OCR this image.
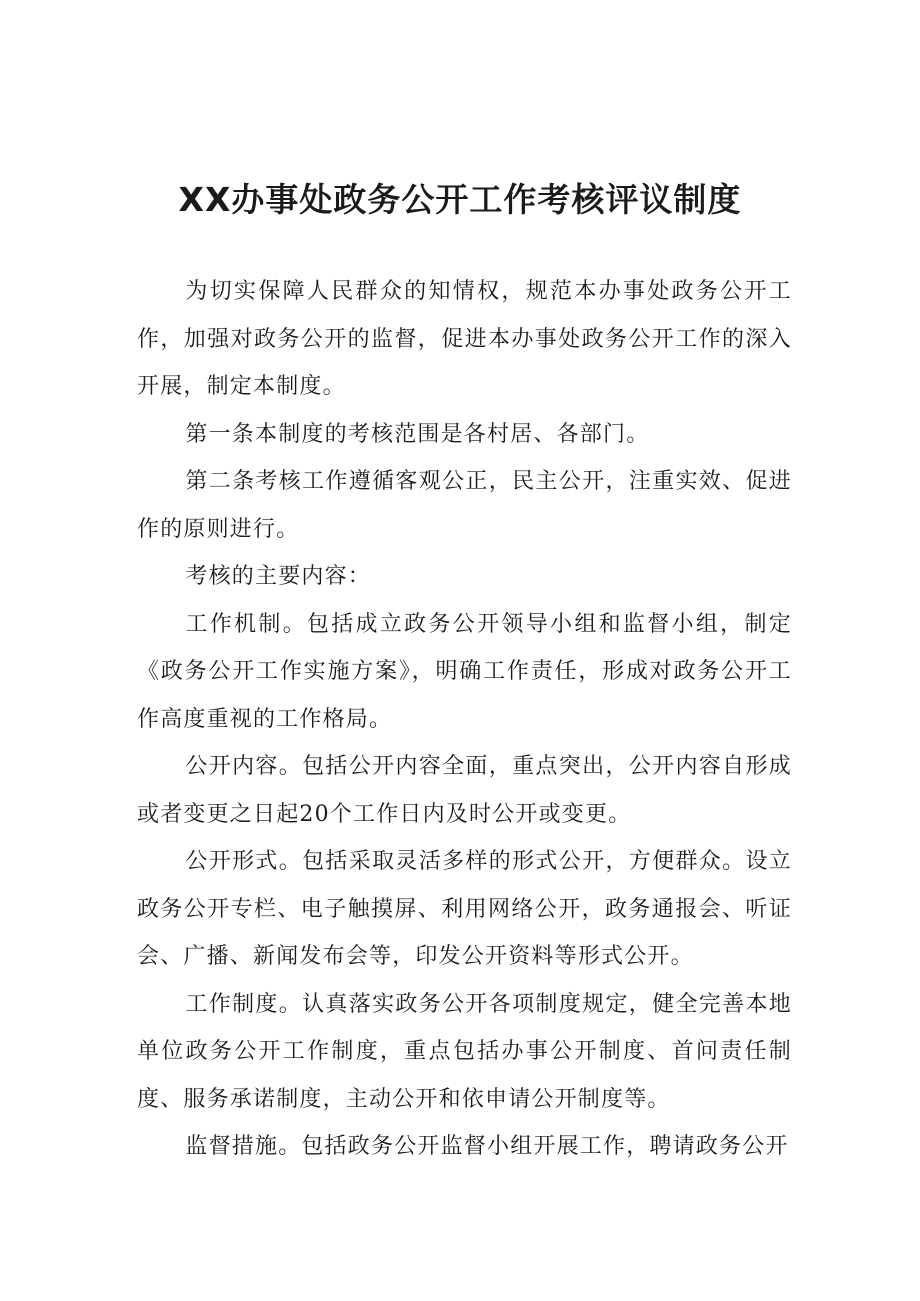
XX办事处政务公开工作考核评议制度

为切实保障人民群众的知情权，规范本办事处政务公开工作，加强对政务公开的监督，促进本办事处政务公开工作的深入开展，制定本制度。

第一条本制度的考核范围是各村居、各部门。

第二条考核工作遵循客观公正，民主公开，注重实效、促进作的原则进行。

考核的主要内容：

工作机制。包括成立政务公开领导小组和监督小组，制定《政务公开工作实施方案》，明确工作责任，形成对政务公开工作高度重视的工作格局。

公开内容。包括公开内容全面，重点突出，公开内容自形成或者变更之日起20个工作日内及时公开或变更。

公开形式。包括采取灵活多样的形式公开，方便群众。设立政务公开专栏、电子触摸屏、利用网络公开，政务通报会、听证会、广播、新闻发布会等，印发公开资料等形式公开。

工作制度。认真落实政务公开各项制度规定，健全完善本地单位政务公开工作制度，重点包括办事公开制度、首问责任制度、服务承诺制度，主动公开和依申请公开制度等。

监督措施。包括政务公开监督小组开展工作，聘请政务公开
